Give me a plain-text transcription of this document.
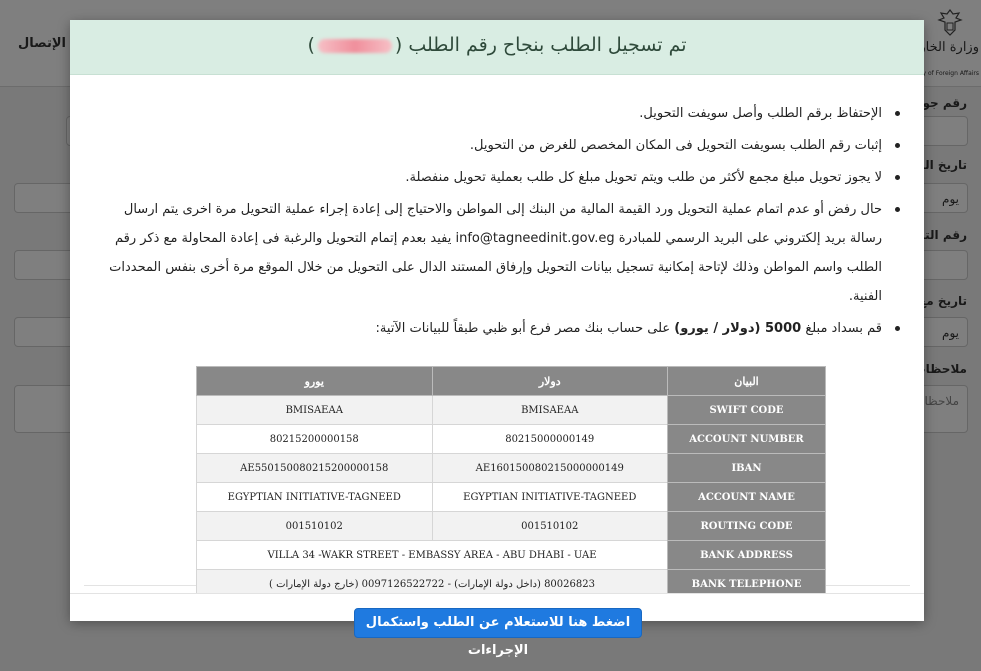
تم تسجيل الطلب بنجاح رقم الطلب ()
الإحتفاظ برقم الطلب وأصل سويفت التحويل.
إثبات رقم الطلب بسويفت التحويل فى المكان المخصص للغرض من التحويل.
لا يجوز تحويل مبلغ مجمع لأكثر من طلب ويتم تحويل مبلغ كل طلب بعملية تحويل منفصلة.
حال رفض أو عدم اتمام عملية التحويل ورد القيمة المالية من البنك إلى المواطن والاحتياج إلى إعادة إجراء عملية التحويل مرة اخرى يتم ارسال رسالة بريد إلكتروني على البريد الرسمي للمبادرة info@tagneedinit.gov.eg يفيد بعدم إتمام التحويل والرغبة فى إعادة المحاولة مع ذكر رقم الطلب واسم المواطن وذلك لإتاحة إمكانية تسجيل بيانات التحويل وإرفاق المستند الدال على التحويل من خلال الموقع مرة أخرى بنفس المحددات الفنية.
قم بسداد مبلغ 5000 (دولار / يورو) على حساب بنك مصر فرع أبو ظبي طبقاً للبيانات الآتية:
البيان	دولار	يورو
SWIFT CODE	BMISAEAA	BMISAEAA
ACCOUNT NUMBER	80215000000149	80215200000158
IBAN	AE160150080215000000149	AE550150080215200000158
ACCOUNT NAME	EGYPTIAN INITIATIVE-TAGNEED	EGYPTIAN INITIATIVE-TAGNEED
ROUTING CODE	001510102	001510102
BANK ADDRESS	VILLA 34 -WAKR STREET - EMBASSY AREA - ABU DHABI - UAE	
BANK TELEPHONE	80026823 (داخل دولة الإمارات) - 0097126522722 (خارج دولة الإمارات )	
اضغط هنا للاستعلام عن الطلب واستكمال الإجراءات
